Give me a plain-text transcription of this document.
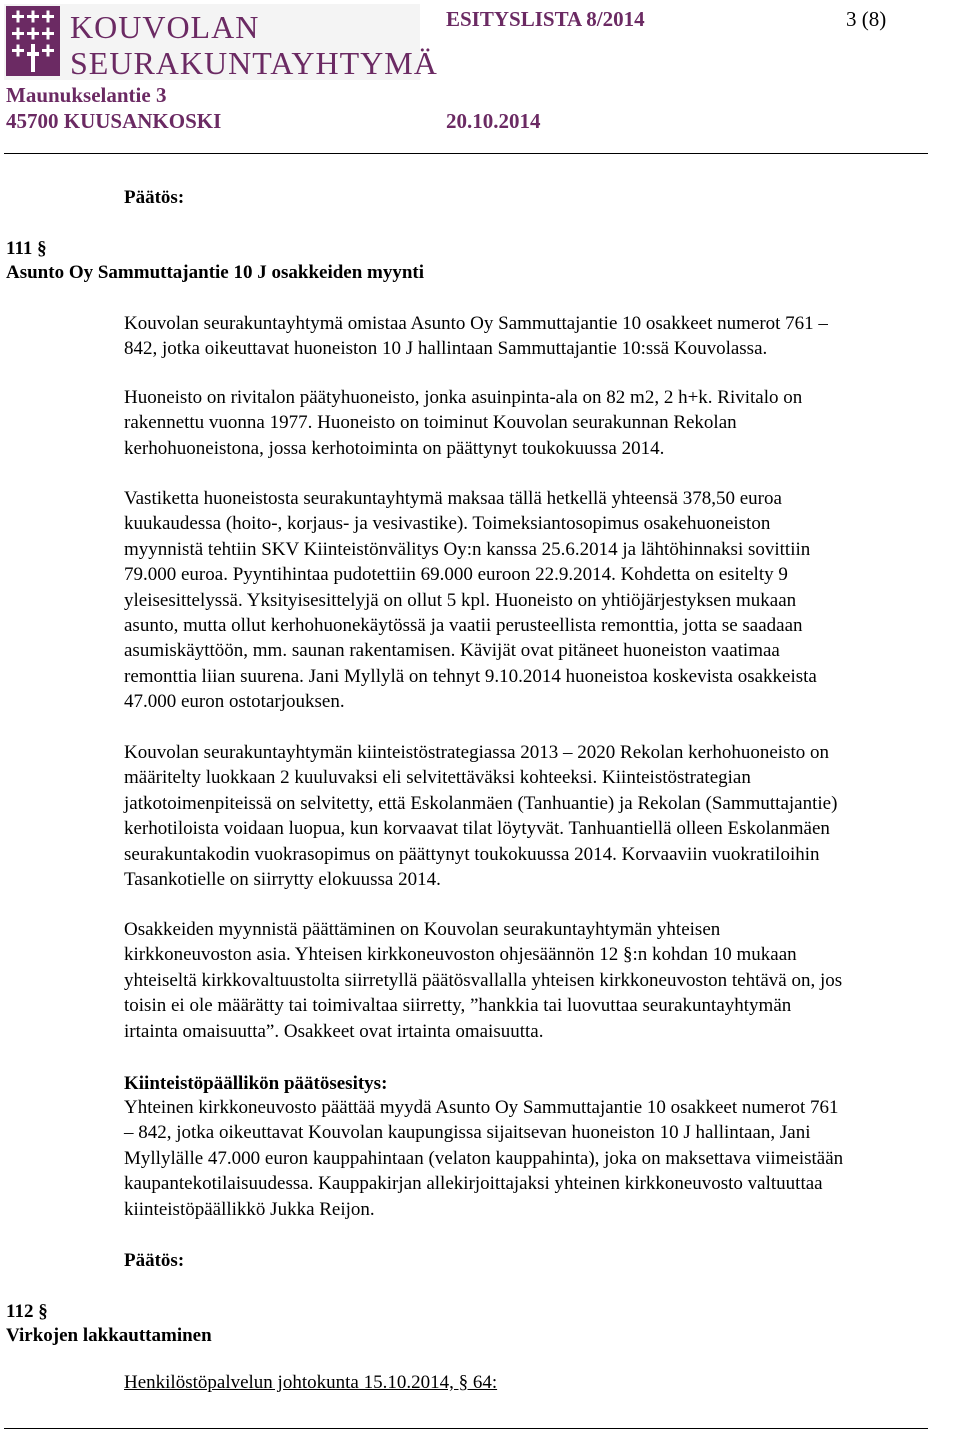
KOUVOLAN
SEURAKUNTAYHTYMÄ
ESITYSLISTA 8/2014	3 (8)
Maunukselantie 3
45700 KUUSANKOSKI	20.10.2014
Päätös:
111 §
Asunto Oy Sammuttajantie 10 J osakkeiden myynti

Kouvolan seurakuntayhtymä omistaa Asunto Oy Sammuttajantie 10 osakkeet numerot 761 –
842, jotka oikeuttavat huoneiston 10 J hallintaan Sammuttajantie 10:ssä Kouvolassa.

Huoneisto on rivitalon päätyhuoneisto, jonka asuinpinta-ala on 82 m2, 2 h+k. Rivitalo on
rakennettu vuonna 1977. Huoneisto on toiminut Kouvolan seurakunnan Rekolan
kerhohuoneistona, jossa kerhotoiminta on päättynyt toukokuussa 2014.

Vastiketta huoneistosta seurakuntayhtymä maksaa tällä hetkellä yhteensä 378,50 euroa
kuukaudessa (hoito-, korjaus- ja vesivastike). Toimeksiantosopimus osakehuoneiston
myynnistä tehtiin SKV Kiinteistönvälitys Oy:n kanssa 25.6.2014 ja lähtöhinnaksi sovittiin
79.000 euroa. Pyyntihintaa pudotettiin 69.000 euroon 22.9.2014. Kohdetta on esitelty 9
yleisesittelyssä. Yksityisesittelyjä on ollut 5 kpl. Huoneisto on yhtiöjärjestyksen mukaan
asunto, mutta ollut kerhohuonekäytössä ja vaatii perusteellista remonttia, jotta se saadaan
asumiskäyttöön, mm. saunan rakentamisen. Kävijät ovat pitäneet huoneiston vaatimaa
remonttia liian suurena. Jani Myllylä on tehnyt 9.10.2014 huoneistoa koskevista osakkeista
47.000 euron ostotarjouksen.

Kouvolan seurakuntayhtymän kiinteistöstrategiassa 2013 – 2020 Rekolan kerhohuoneisto on
määritelty luokkaan 2 kuuluvaksi eli selvitettäväksi kohteeksi. Kiinteistöstrategian
jatkotoimenpiteissä on selvitetty, että Eskolanmäen (Tanhuantie) ja Rekolan (Sammuttajantie)
kerhotiloista voidaan luopua, kun korvaavat tilat löytyvät. Tanhuantiellä olleen Eskolanmäen
seurakuntakodin vuokrasopimus on päättynyt toukokuussa 2014. Korvaaviin vuokratiloihin
Tasankotielle on siirrytty elokuussa 2014.

Osakkeiden myynnistä päättäminen on Kouvolan seurakuntayhtymän yhteisen
kirkkoneuvoston asia. Yhteisen kirkkoneuvoston ohjesäännön 12 §:n kohdan 10 mukaan
yhteiseltä kirkkovaltuustolta siirretyllä päätösvallalla yhteisen kirkkoneuvoston tehtävä on, jos
toisin ei ole määrätty tai toimivaltaa siirretty, ”hankkia tai luovuttaa seurakuntayhtymän
irtainta omaisuutta”. Osakkeet ovat irtainta omaisuutta.

Kiinteistöpäällikön päätösesitys:

Yhteinen kirkkoneuvosto päättää myydä Asunto Oy Sammuttajantie 10 osakkeet numerot 761
– 842, jotka oikeuttavat Kouvolan kaupungissa sijaitsevan huoneiston 10 J hallintaan, Jani
Myllylälle 47.000 euron kauppahintaan (velaton kauppahinta), joka on maksettava viimeistään
kaupantekotilaisuudessa. Kauppakirjan allekirjoittajaksi yhteinen kirkkoneuvosto valtuuttaa
kiinteistöpäällikkö Jukka Reijon.

Päätös:
112 §
Virkojen lakkauttaminen
Henkilöstöpalvelun johtokunta 15.10.2014, § 64:
